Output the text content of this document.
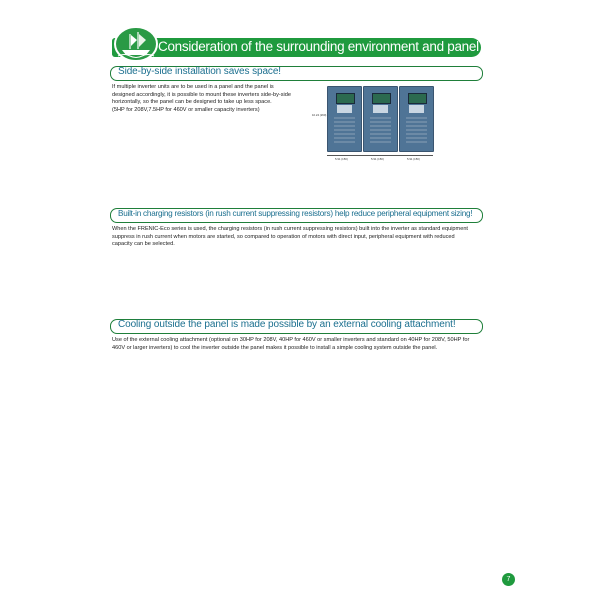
Consideration of the surrounding environment and panel design
Side-by-side installation saves space!
If multiple inverter units are to be used in a panel and the panel is
designed accordingly, it is possible to mount these inverters side-by-side
horizontally, so the panel can be designed to take up less space.
(5HP for 208V,7.5HP for 460V or smaller capacity inverters)
10.24 (260)
5.91 (150)	5.91 (150)	5.91 (150)
Built-in charging resistors (in rush current suppressing resistors) help reduce peripheral equipment sizing!
When the FRENIC-Eco series is used, the charging resistors (in rush current suppressing resistors) built into the inverter as standard equipment
suppress in rush current when motors are started, so compared to operation of motors with direct input, peripheral equipment with reduced
capacity can be selected.
Cooling outside the panel is made possible by an external cooling attachment!
Use of the external cooling attachment (optional on 30HP for 208V, 40HP for 460V or smaller inverters and standard on 40HP for 208V, 50HP for
460V or larger inverters) to cool the inverter outside the panel makes it possible to install a simple cooling system outside the panel.
7
